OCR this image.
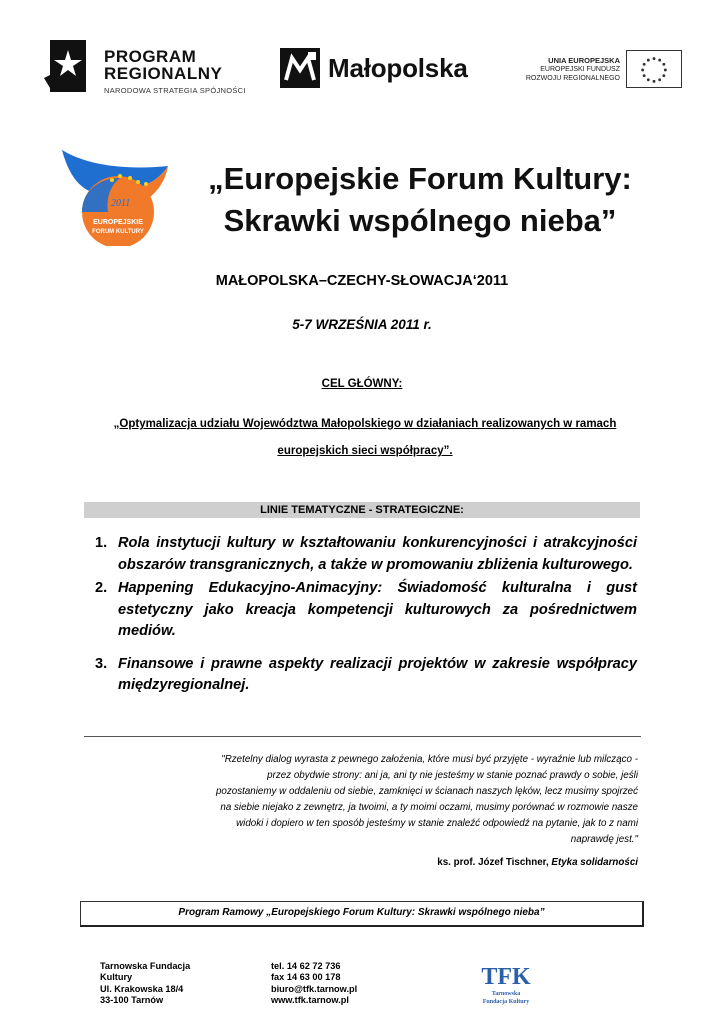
PROGRAM
REGIONALNY
NARODOWA STRATEGIA SPÓJNOŚCI
Małopolska	UNIA EUROPEJSKA
EUROPEJSKI FUNDUSZ
ROZWOJU REGIONALNEGO
2011
EUROPEJSKIE
FORUM KULTURY
„Europejskie Forum Kultury:
Skrawki wspólnego nieba”
MAŁOPOLSKA–CZECHY-SŁOWACJA‘2011
5-7 WRZEŚNIA 2011 r.
CEL GŁÓWNY:
„Optymalizacja udziału Województwa Małopolskiego w działaniach realizowanych w ramach europejskich sieci współpracy”.
LINIE TEMATYCZNE - STRATEGICZNE:
1. Rola instytucji kultury w kształtowaniu konkurencyjności i atrakcyjności obszarów transgranicznych, a także w promowaniu zbliżenia kulturowego.
2. Happening Edukacyjno-Animacyjny: Świadomość kulturalna i gust estetyczny jako kreacja kompetencji kulturowych za pośrednictwem mediów.
3. Finansowe i prawne aspekty realizacji projektów w zakresie współpracy międzyregionalnej.
"Rzetelny dialog wyrasta z pewnego założenia, które musi być przyjęte - wyraźnie lub milcząco -
przez obydwie strony: ani ja, ani ty nie jesteśmy w stanie poznać prawdy o sobie, jeśli
pozostaniemy w oddaleniu od siebie, zamknięci w ścianach naszych lęków, lecz musimy spojrzeć
na siebie niejako z zewnętrz, ja twoimi, a ty moimi oczami, musimy porównać w rozmowie nasze
widoki i dopiero w ten sposób jesteśmy w stanie znaleźć odpowiedź na pytanie, jak to z nami
naprawdę jest."
ks. prof. Józef Tischner, Etyka solidarności
Program Ramowy „Europejskiego Forum Kultury: Skrawki wspólnego nieba”
Tarnowska Fundacja
Kultury
Ul. Krakowska 18/4
33-100 Tarnów
tel. 14 62 72 736
fax 14 63 00 178
biuro@tfk.tarnow.pl
www.tfk.tarnow.pl
TFK
Tarnowska
Fundacja Kultury
